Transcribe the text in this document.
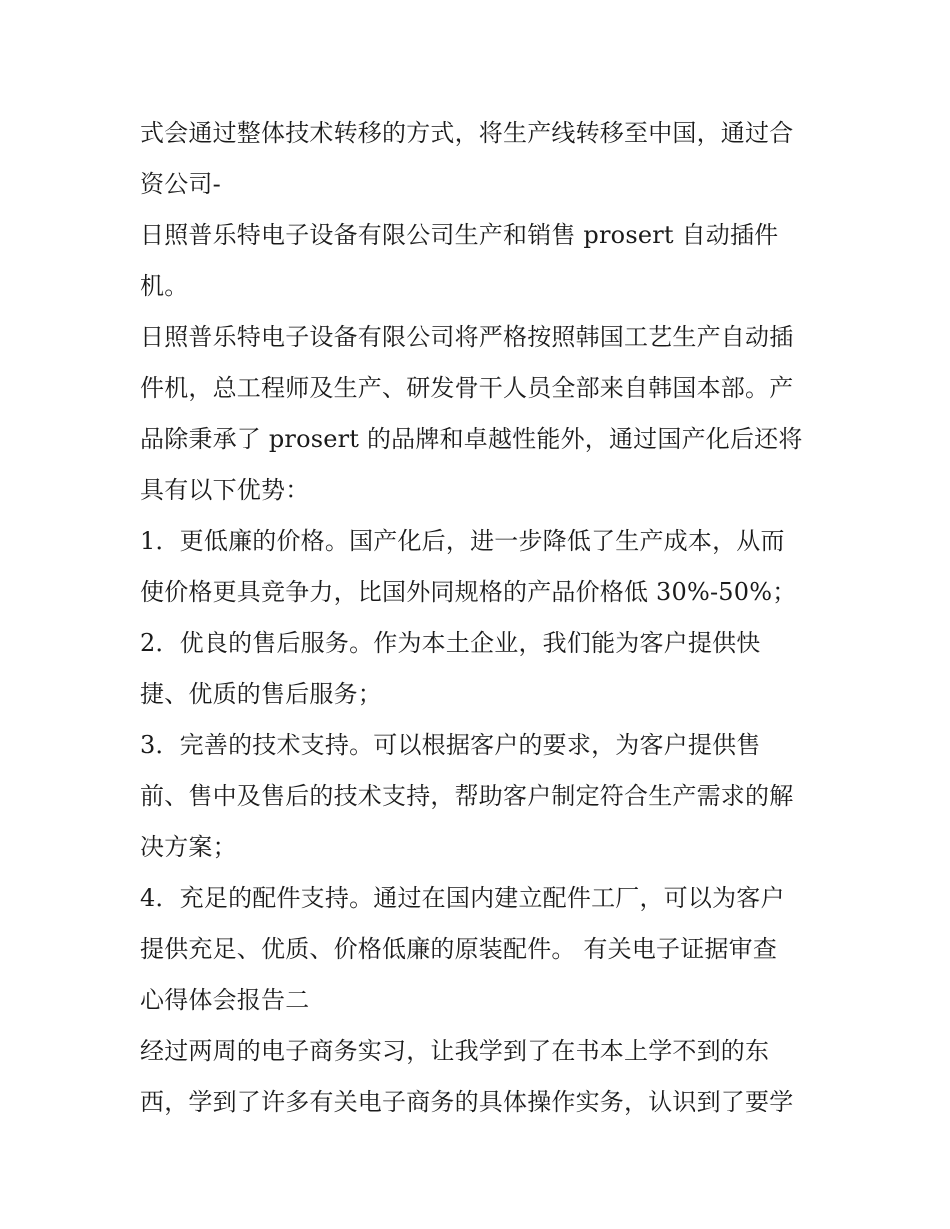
式会通过整体技术转移的方式，将生产线转移至中国，通过合
资公司-
日照普乐特电子设备有限公司生产和销售 prosert 自动插件
机。
日照普乐特电子设备有限公司将严格按照韩国工艺生产自动插
件机，总工程师及生产、研发骨干人员全部来自韩国本部。产
品除秉承了 prosert 的品牌和卓越性能外，通过国产化后还将
具有以下优势：
1．更低廉的价格。国产化后，进一步降低了生产成本，从而
使价格更具竞争力，比国外同规格的产品价格低 30%-50%；
2．优良的售后服务。作为本土企业，我们能为客户提供快
捷、优质的售后服务；
3．完善的技术支持。可以根据客户的要求，为客户提供售
前、售中及售后的技术支持，帮助客户制定符合生产需求的解
决方案；
4．充足的配件支持。通过在国内建立配件工厂，可以为客户
提供充足、优质、价格低廉的原装配件。 有关电子证据审查
心得体会报告二
经过两周的电子商务实习，让我学到了在书本上学不到的东
西，学到了许多有关电子商务的具体操作实务，认识到了要学
